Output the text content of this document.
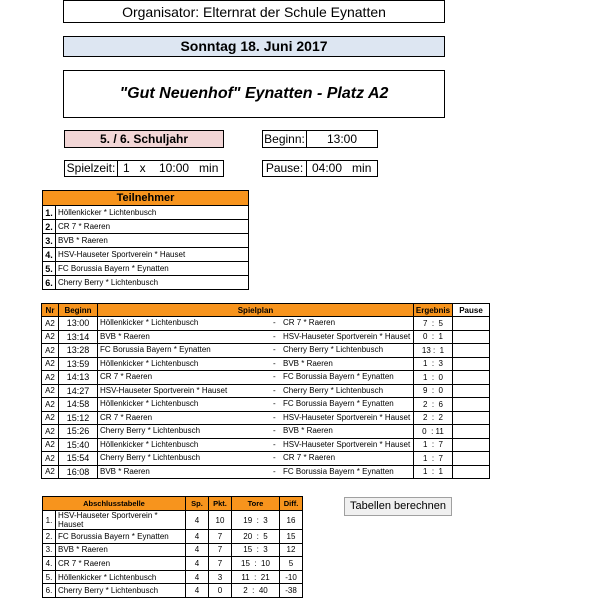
Organisator: Elternrat der Schule Eynatten
Sonntag 18. Juni 2017
"Gut Neuenhof" Eynatten - Platz A2
5. / 6. Schuljahr	Beginn:	13:00
Spielzeit: 1   x    10:00   min	Pause: 04:00   min
Teilnehmer	
1.	Höllenkicker * Lichtenbusch
2.	CR 7 * Raeren
3.	BVB * Raeren
4.	HSV-Hauseter Sportverein * Hauset
5.	FC Borussia Bayern * Eynatten
6.	Cherry Berry * Lichtenbusch
Nr	Beginn	Spielplan	Ergebnis	Pause
A2	13:00	Höllenkicker * Lichtenbusch - CR 7 * Raeren	7  :  5	
A2	13:14	BVB * Raeren - HSV-Hauseter Sportverein * Hauset	0  :  1	
A2	13:28	FC Borussia Bayern * Eynatten - Cherry Berry * Lichtenbusch	13 :  1	
A2	13:59	Höllenkicker * Lichtenbusch - BVB * Raeren	1  :  3	
A2	14:13	CR 7 * Raeren - FC Borussia Bayern * Eynatten	1  :  0	
A2	14:27	HSV-Hauseter Sportverein * Hauset - Cherry Berry * Lichtenbusch	9  :  0	
A2	14:58	Höllenkicker * Lichtenbusch - FC Borussia Bayern * Eynatten	2  :  6	
A2	15:12	CR 7 * Raeren - HSV-Hauseter Sportverein * Hauset	2  :  2	
A2	15:26	Cherry Berry * Lichtenbusch - BVB * Raeren	0  : 11	
A2	15:40	Höllenkicker * Lichtenbusch - HSV-Hauseter Sportverein * Hauset	1  :  7	
A2	15:54	Cherry Berry * Lichtenbusch - CR 7 * Raeren	1  :  7	
A2	16:08	BVB * Raeren - FC Borussia Bayern * Eynatten	1  :  1	
Abschlusstabelle		Sp.	Pkt.	Tore	Diff.
1.	HSV-Hauseter Sportverein * Hauset	4	10	19  :  3	16
2.	FC Borussia Bayern * Eynatten	4	7	20  :  5	15
3.	BVB * Raeren	4	7	15  :  3	12
4.	CR 7 * Raeren	4	7	15  :  10	5
5.	Höllenkicker * Lichtenbusch	4	3	11  :  21	-10
6.	Cherry Berry * Lichtenbusch	4	0	2  :  40	-38
Tabellen berechnen
